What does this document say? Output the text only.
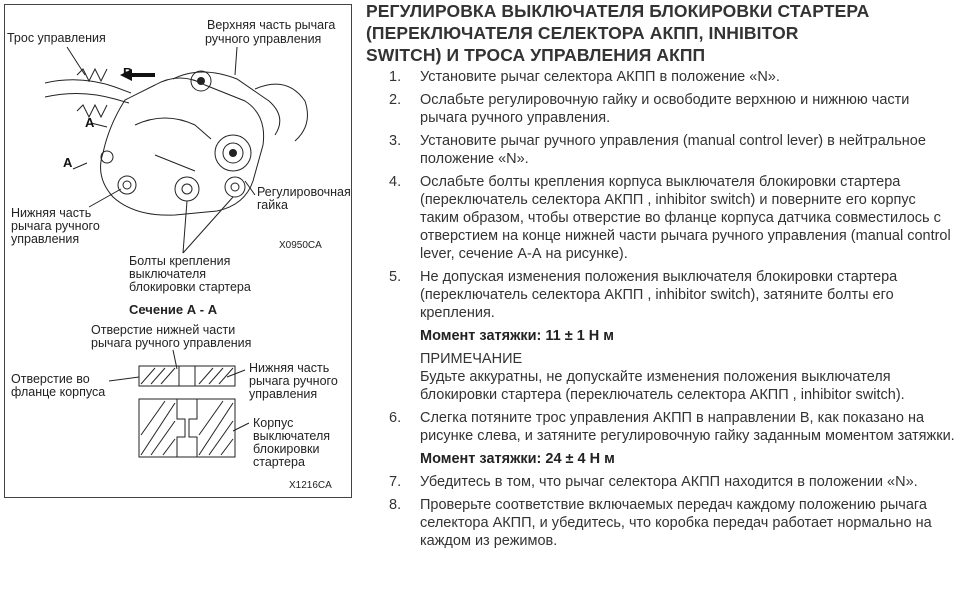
Трос управления
Верхняя часть рычага
ручного управления
B
A
A
Нижняя часть
рычага ручного
управления
Регулировочная
гайка
Болты крепления
выключателя
блокировки стартера
X0950CA
Сечение А - А
Отверстие нижней части
рычага ручного управления
Отверстие во
фланце корпуса
Нижняя часть
рычага ручного
управления
Корпус
выключателя
блокировки
стартера
X1216CA
РЕГУЛИРОВКА ВЫКЛЮЧАТЕЛЯ БЛОКИРОВКИ СТАРТЕРА
(ПЕРЕКЛЮЧАТЕЛЯ СЕЛЕКТОРА АКПП, INHIBITOR
SWITCH) И ТРОСА УПРАВЛЕНИЯ АКПП
1. Установите рычаг селектора АКПП в положение «N».
2. Ослабьте регулировочную гайку и освободите верхнюю и нижнюю части рычага ручного управления.
3. Установите рычаг ручного управления (manual control lever) в нейтральное положение «N».
4. Ослабьте болты крепления корпуса выключателя блокировки стартера (переключатель селектора АКПП , inhibitor switch) и поверните его корпус таким образом, чтобы отверстие во фланце корпуса датчика совместилось с отверстием на конце нижней части рычага ручного управления (manual control lever, сечение А-А на рисунке).
5. Не допуская изменения положения выключателя блокировки стартера (переключатель селектора АКПП , inhibitor switch), затяните болты его крепления.
Момент затяжки: 11 ± 1 Н м
ПРИМЕЧАНИЕ
Будьте аккуратны, не допускайте изменения положения выключателя блокировки стартера (переключатель селектора АКПП , inhibitor switch).
6. Слегка потяните трос управления АКПП в направлении В, как показано на рисунке слева, и затяните регулировочную гайку заданным моментом затяжки.
Момент затяжки: 24 ± 4 Н м
7. Убедитесь в том, что рычаг селектора АКПП находится в положении «N».
8. Проверьте соответствие включаемых передач каждому положению рычага селектора АКПП, и убедитесь, что коробка передач работает нормально на каждом из режимов.
